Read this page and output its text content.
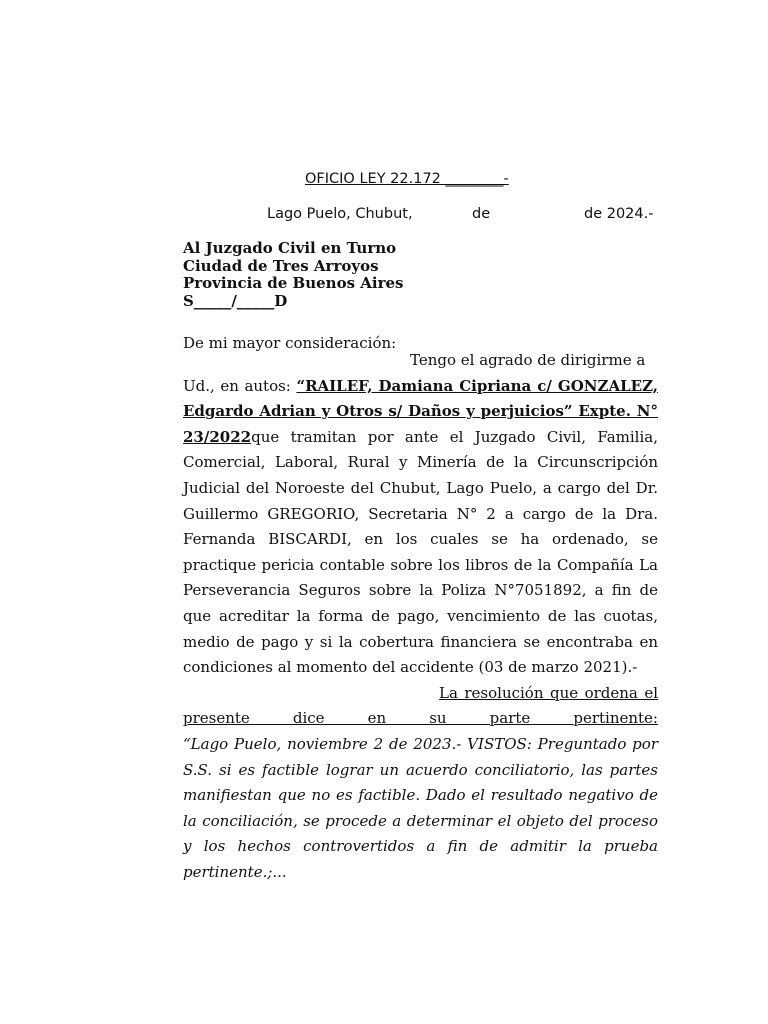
OFICIO LEY 22.172 ________-
Lago Puelo, Chubut,	de	de 2024.-
Al Juzgado Civil en Turno
Ciudad de Tres Arroyos
Provincia de Buenos Aires
S_____/_____D
De mi mayor consideración:

Tengo el agrado de dirigirme a

Ud., en autos: “RAILEF, Damiana Cipriana c/ GONZALEZ, Edgardo Adrian y Otros s/ Daños y perjuicios” Expte. N° 23/2022que tramitan por ante el Juzgado Civil, Familia, Comercial, Laboral, Rural y Minería de la Circunscripción Judicial del Noroeste del Chubut, Lago Puelo, a cargo del Dr. Guillermo GREGORIO, Secretaria N° 2 a cargo de la Dra. Fernanda BISCARDI, en los cuales se ha ordenado, se practique pericia contable sobre los libros de la Compañía La Perseverancia Seguros sobre la Poliza N°7051892, a fin de que acreditar la forma de pago, vencimiento de las cuotas, medio de pago y si la cobertura financiera se encontraba en condiciones al momento del accidente (03 de marzo 2021).-

La resolución que ordena el presente dice en su parte pertinente:

“Lago Puelo, noviembre 2 de 2023.- VISTOS: Preguntado por S.S. si es factible lograr un acuerdo conciliatorio, las partes manifiestan que no es factible. Dado el resultado negativo de la conciliación, se procede a determinar el objeto del proceso y los hechos controvertidos a fin de admitir la prueba pertinente.;...
